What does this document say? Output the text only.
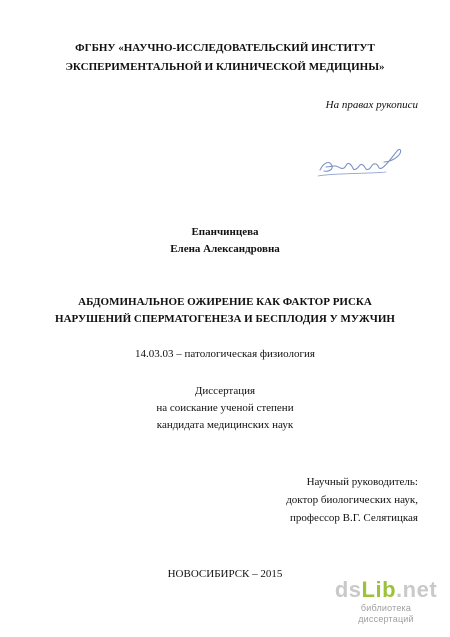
ФГБНУ «НАУЧНО-ИССЛЕДОВАТЕЛЬСКИЙ ИНСТИТУТ
ЭКСПЕРИМЕНТАЛЬНОЙ И КЛИНИЧЕСКОЙ МЕДИЦИНЫ»
На правах рукописи
Епанчинцева
Елена Александровна
АБДОМИНАЛЬНОЕ ОЖИРЕНИЕ КАК ФАКТОР РИСКА
НАРУШЕНИЙ СПЕРМАТОГЕНЕЗА И БЕСПЛОДИЯ У МУЖЧИН
14.03.03 – патологическая физиология
Диссертация
на соискание ученой степени
кандидата медицинских наук
Научный руководитель:
доктор биологических наук,
профессор В.Г. Селятицкая
НОВОСИБИРСК – 2015
dsLib.net
библиотека диссертаций
